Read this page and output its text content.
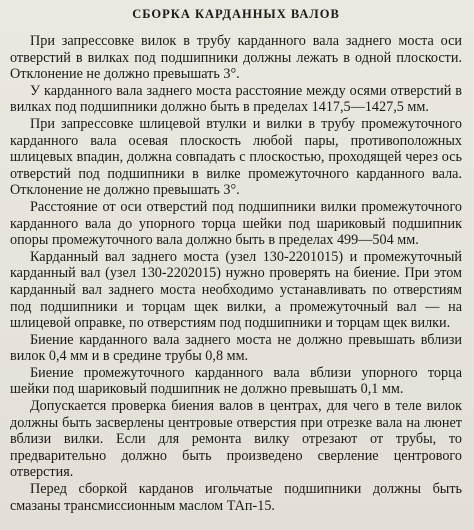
СБОРКА КАРДАННЫХ ВАЛОВ

При запрессовке вилок в трубу карданного вала заднего моста оси отверстий в вилках под подшипники должны лежать в одной плоскости. Отклонение не должно превышать 3°.

У карданного вала заднего моста расстояние между осями отверстий в вилках под подшипники должно быть в пределах 1417,5—1427,5 мм.

При запрессовке шлицевой втулки и вилки в трубу промежуточного карданного вала осевая плоскость любой пары, противоположных шлицевых впадин, должна совпадать с плоскостью, проходящей через ось отверстий под подшипники в вилке промежуточного карданного вала. Отклонение не должно превышать 3°.

Расстояние от оси отверстий под подшипники вилки промежуточного карданного вала до упорного торца шейки под шариковый подшипник опоры промежуточного вала должно быть в пределах 499—504 мм.

Карданный вал заднего моста (узел 130-2201015) и промежуточный карданный вал (узел 130-2202015) нужно проверять на биение. При этом карданный вал заднего моста необходимо устанавливать по отверстиям под подшипники и торцам щек вилки, а промежуточный вал — на шлицевой оправке, по отверстиям под подшипники и торцам щек вилки.

Биение карданного вала заднего моста не должно превышать вблизи вилок 0,4 мм и в средине трубы 0,8 мм.

Биение промежуточного карданного вала вблизи упорного торца шейки под шариковый подшипник не должно превышать 0,1 мм.

Допускается проверка биения валов в центрах, для чего в теле вилок должны быть засверлены центровые отверстия при отрезке вала на люнет вблизи вилки. Если для ремонта вилку отрезают от трубы, то предварительно должно быть произведено сверление центрового отверстия.

Перед сборкой карданов игольчатые подшипники должны быть смазаны трансмиссионным маслом ТАп-15.
